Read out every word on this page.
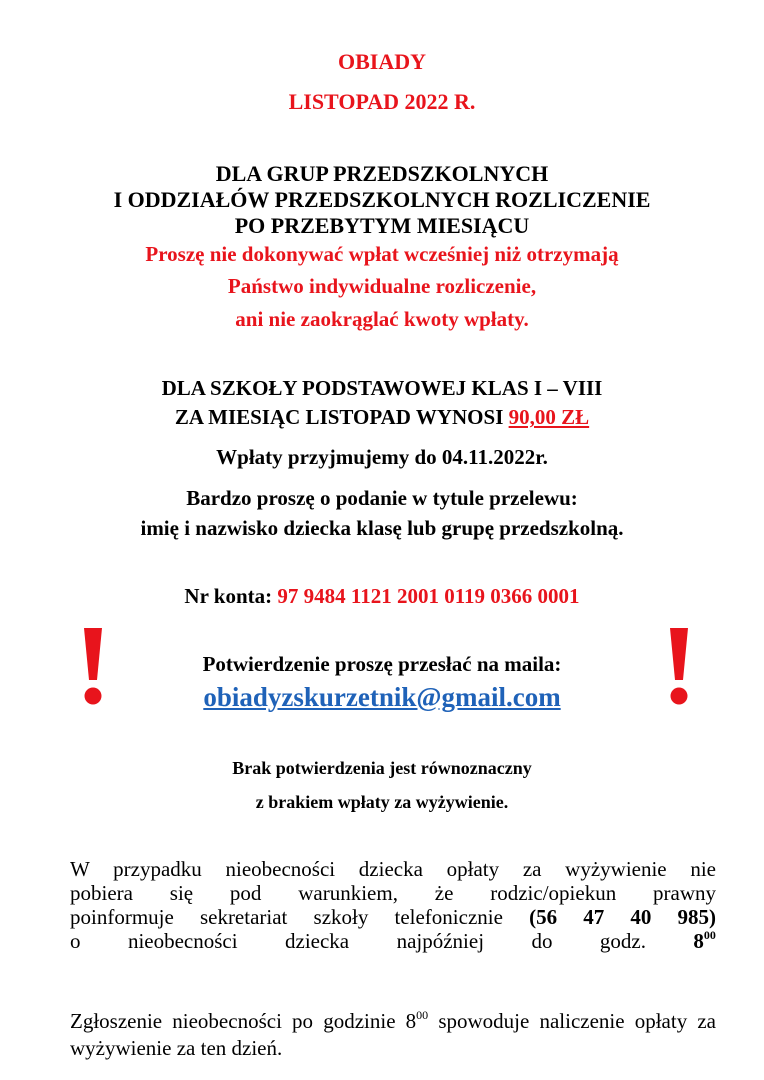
OBIADY
LISTOPAD 2022 R.
DLA GRUP PRZEDSZKOLNYCH
I ODDZIAŁÓW PRZEDSZKOLNYCH ROZLICZENIE
PO PRZEBYTYM MIESIĄCU
Proszę nie dokonywać wpłat wcześniej niż otrzymają
Państwo indywidualne rozliczenie,
ani nie zaokrąglać kwoty wpłaty.
DLA SZKOŁY PODSTAWOWEJ KLAS I – VIII
ZA MIESIĄC LISTOPAD WYNOSI 90,00 ZŁ
Wpłaty przyjmujemy do 04.11.2022r.
Bardzo proszę o podanie w tytule przelewu:
imię i nazwisko dziecka klasę lub grupę przedszkolną.
Nr konta: 97 9484 1121 2001 0119 0366 0001
Potwierdzenie proszę przesłać na maila:
obiadyzskurzetnik@gmail.com
Brak potwierdzenia jest równoznaczny
z brakiem wpłaty za wyżywienie.
W przypadku nieobecności dziecka opłaty za wyżywienie nie
pobiera się pod warunkiem, że rodzic/opiekun prawny
poinformuje sekretariat szkoły telefonicznie (56 47 40 985)
o nieobecności dziecka najpóźniej do godz. $8^{00}$
Zgłoszenie nieobecności po godzinie $8^{00}$ spowoduje naliczenie opłaty za wyżywienie za ten dzień.
